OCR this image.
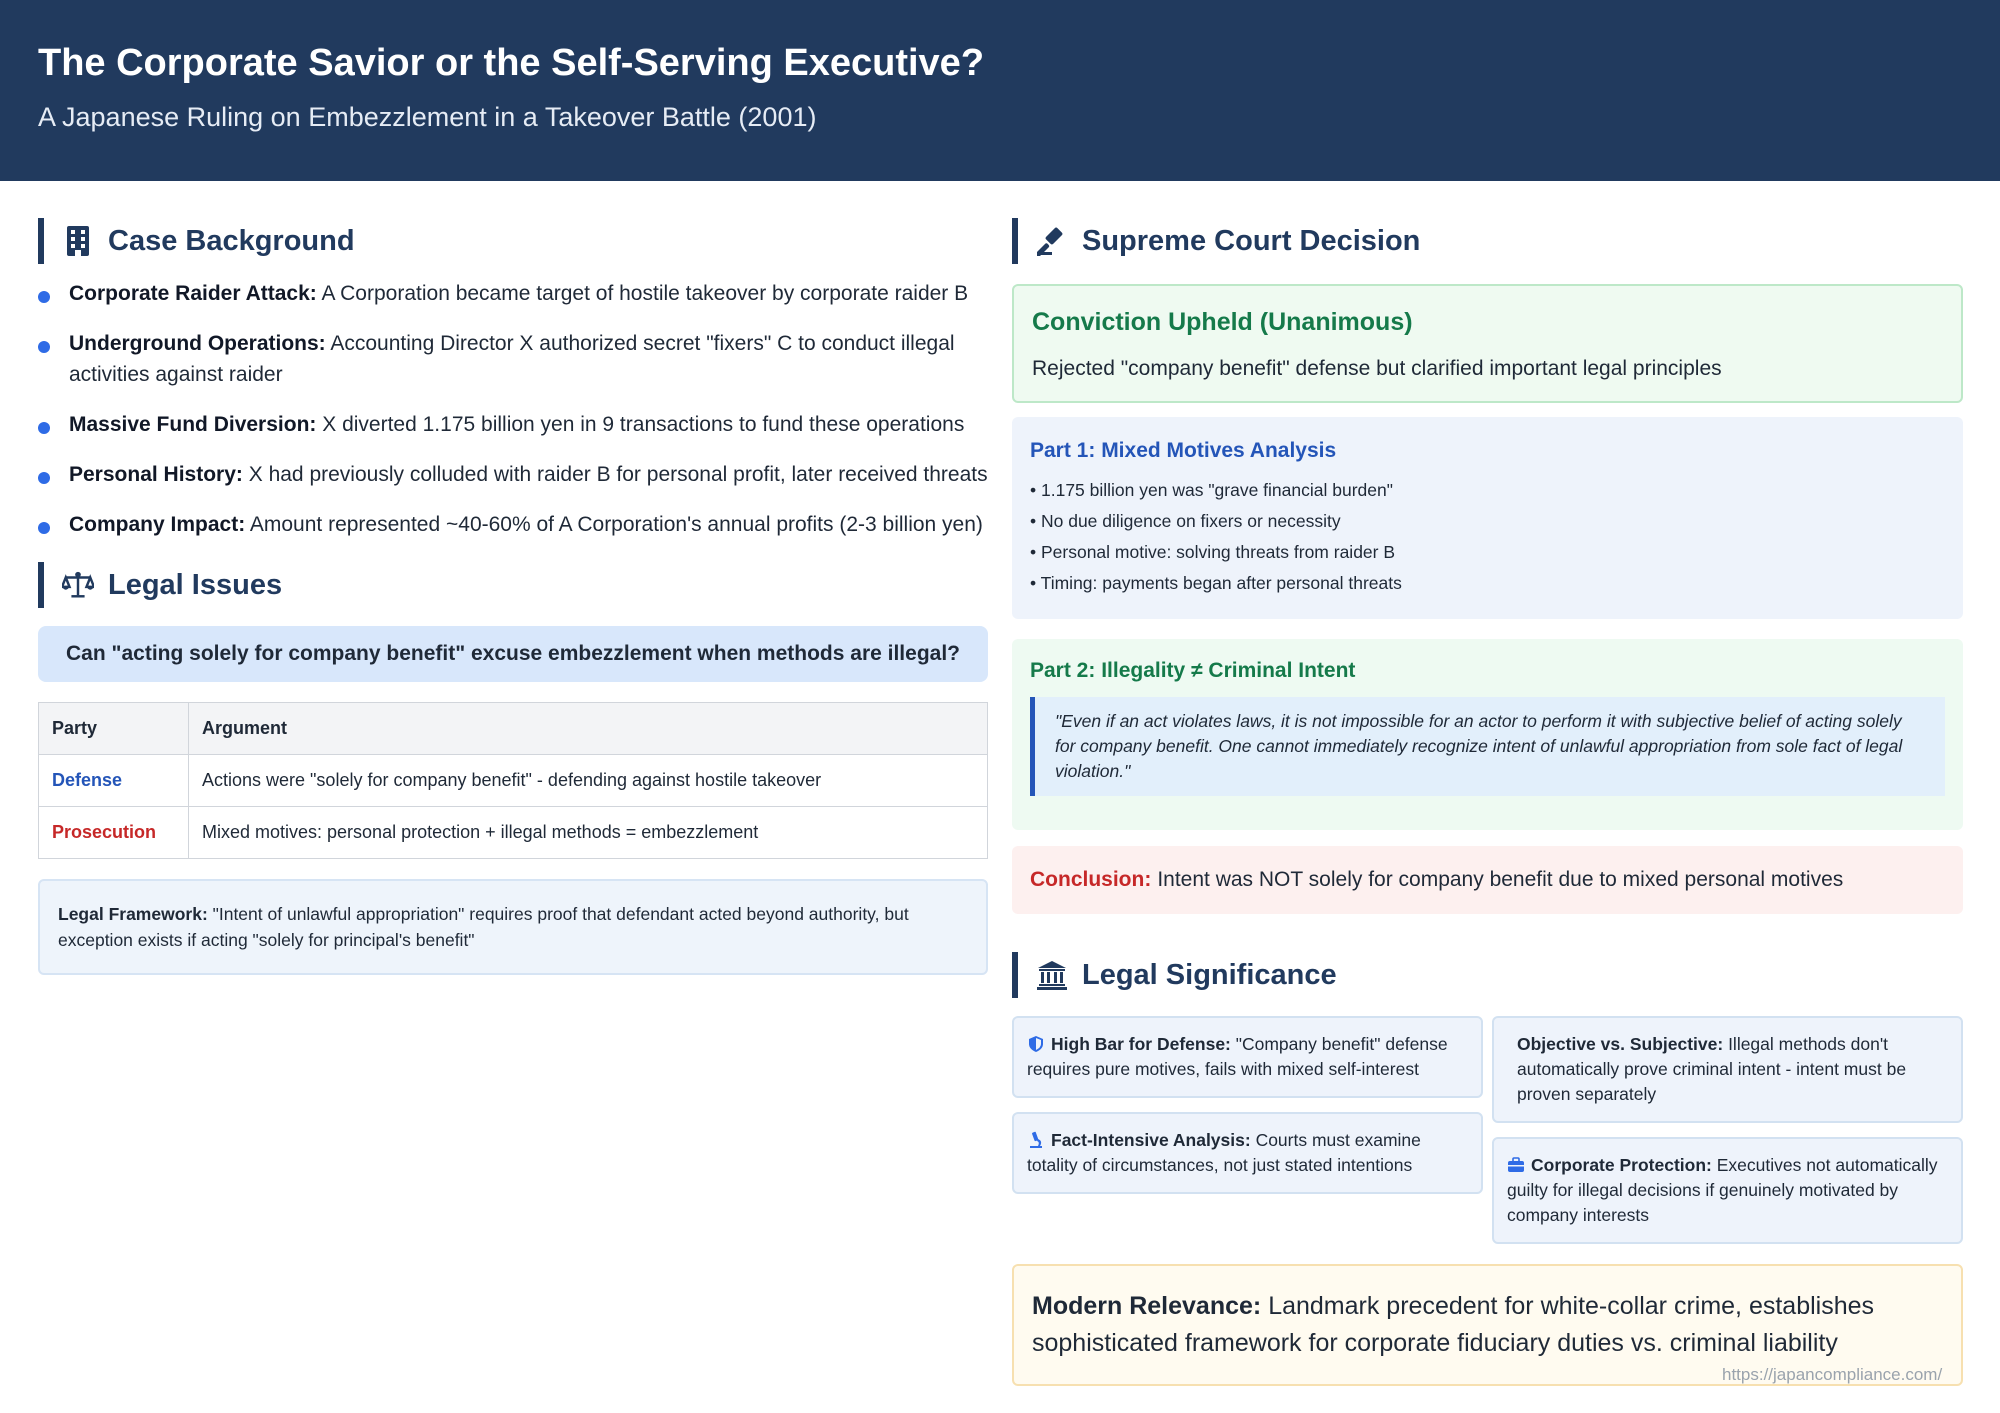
The Corporate Savior or the Self-Serving Executive?
A Japanese Ruling on Embezzlement in a Takeover Battle (2001)
Case Background
Corporate Raider Attack: A Corporation became target of hostile takeover by corporate raider B
Underground Operations: Accounting Director X authorized secret "fixers" C to conduct illegal activities against raider
Massive Fund Diversion: X diverted 1.175 billion yen in 9 transactions to fund these operations
Personal History: X had previously colluded with raider B for personal profit, later received threats
Company Impact: Amount represented ~40-60% of A Corporation's annual profits (2-3 billion yen)
Legal Issues
Can "acting solely for company benefit" excuse embezzlement when methods are illegal?
Party	Argument
Defense	Actions were "solely for company benefit" - defending against hostile takeover
Prosecution	Mixed motives: personal protection + illegal methods = embezzlement
Legal Framework: "Intent of unlawful appropriation" requires proof that defendant acted beyond authority, but exception exists if acting "solely for principal's benefit"
Supreme Court Decision
Conviction Upheld (Unanimous)
Rejected "company benefit" defense but clarified important legal principles
Part 1: Mixed Motives Analysis
• 1.175 billion yen was "grave financial burden"
• No due diligence on fixers or necessity
• Personal motive: solving threats from raider B
• Timing: payments began after personal threats
Part 2: Illegality ≠ Criminal Intent
"Even if an act violates laws, it is not impossible for an actor to perform it with subjective belief of acting solely for company benefit. One cannot immediately recognize intent of unlawful appropriation from sole fact of legal violation."
Conclusion: Intent was NOT solely for company benefit due to mixed personal motives
Legal Significance
High Bar for Defense: "Company benefit" defense requires pure motives, fails with mixed self-interest
Fact-Intensive Analysis: Courts must examine totality of circumstances, not just stated intentions
Objective vs. Subjective: Illegal methods don't automatically prove criminal intent - intent must be proven separately
Corporate Protection: Executives not automatically guilty for illegal decisions if genuinely motivated by company interests
Modern Relevance: Landmark precedent for white-collar crime, establishes sophisticated framework for corporate fiduciary duties vs. criminal liability
https://japancompliance.com/
